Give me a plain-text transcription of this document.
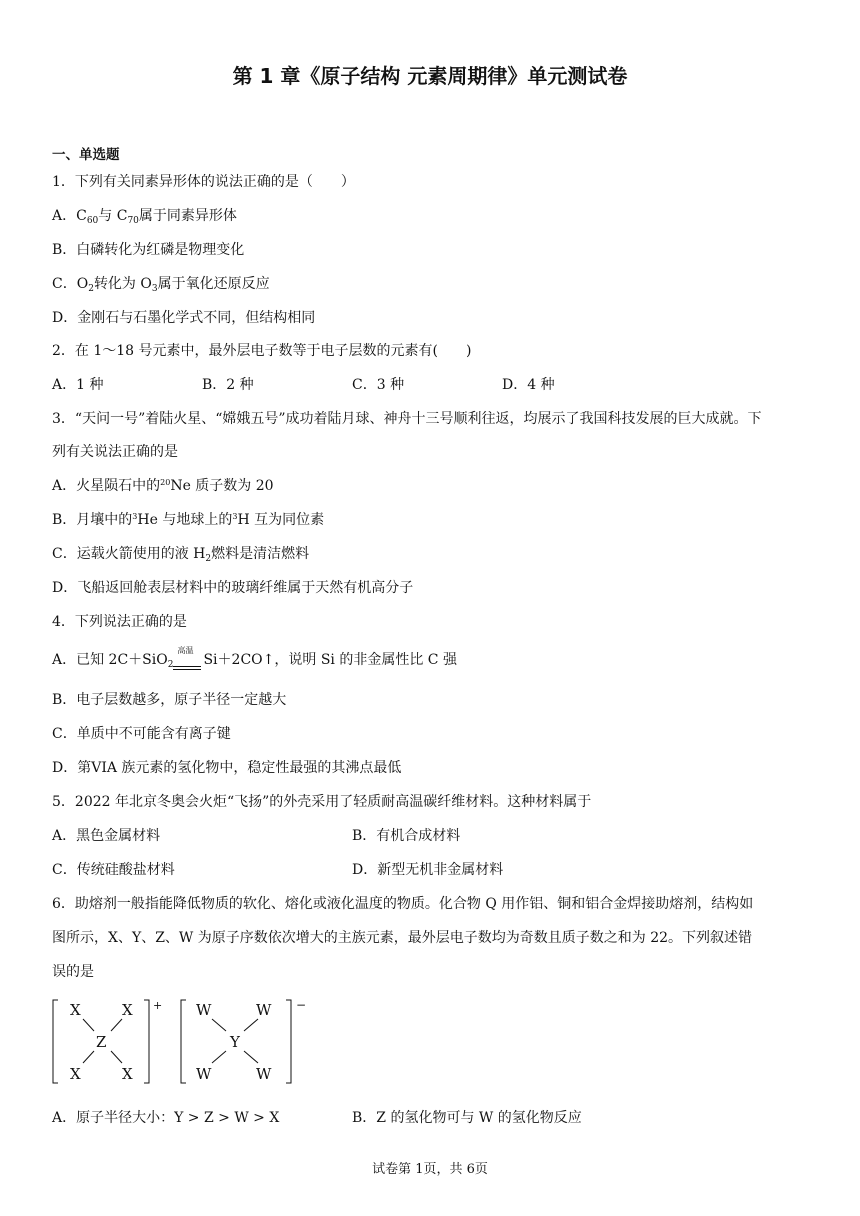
第 1 章《原子结构 元素周期律》单元测试卷
一、单选题
1．下列有关同素异形体的说法正确的是（　　）
A．$C_{60}$与 $C_{70}$属于同素异形体
B．白磷转化为红磷是物理变化
C．$O_2$转化为 $O_3$属于氧化还原反应
D．金刚石与石墨化学式不同，但结构相同
2．在 1～18 号元素中，最外层电子数等于电子层数的元素有(　　)
A．1 种	B．2 种	C．3 种	D．4 种
3．“天问一号”着陆火星、“嫦娥五号”成功着陆月球、神舟十三号顺利往返，均展示了我国科技发展的巨大成就。下
列有关说法正确的是
A．火星陨石中的$^{20}$Ne 质子数为 20
B．月壤中的$^3$He 与地球上的$^3$H 互为同位素
C．运载火箭使用的液 $H_2$燃料是清洁燃料
D．飞船返回舱表层材料中的玻璃纤维属于天然有机高分子
4．下列说法正确的是
A．已知 2C＋SiO$_2$
高温
Si＋2CO↑，说明 Si 的非金属性比 C 强
B．电子层数越多，原子半径一定越大
C．单质中不可能含有离子键
D．第VIA 族元素的氢化物中，稳定性最强的其沸点最低
5．2022 年北京冬奥会火炬“飞扬”的外壳采用了轻质耐高温碳纤维材料。这种材料属于
A．黑色金属材料	B．有机合成材料
C．传统硅酸盐材料	D．新型无机非金属材料
6．助熔剂一般指能降低物质的软化、熔化或液化温度的物质。化合物 Q 用作铝、铜和铝合金焊接助熔剂，结构如
图所示，X、Y、Z、W 为原子序数依次增大的主族元素，最外层电子数均为奇数且质子数之和为 22。下列叙述错
误的是
+
X	X
Z
X	X
−
W	W
Y
W	W
A．原子半径大小：Y > Z > W > X	B．Z 的氢化物可与 W 的氢化物反应
试卷第 1页，共 6页
